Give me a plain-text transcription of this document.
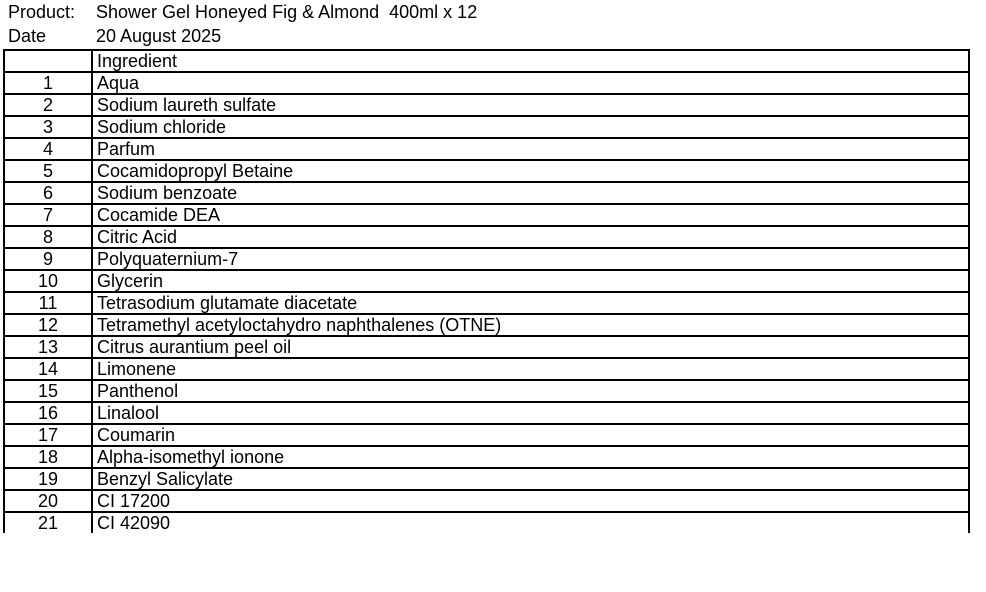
Product:	Shower Gel Honeyed Fig & Almond  400ml x 12
Date	20 August 2025
	Ingredient
1	Aqua
2	Sodium laureth sulfate
3	Sodium chloride
4	Parfum
5	Cocamidopropyl Betaine
6	Sodium benzoate
7	Cocamide DEA
8	Citric Acid
9	Polyquaternium-7
10	Glycerin
11	Tetrasodium glutamate diacetate
12	Tetramethyl acetyloctahydro naphthalenes (OTNE)
13	Citrus aurantium peel oil
14	Limonene
15	Panthenol
16	Linalool
17	Coumarin
18	Alpha-isomethyl ionone
19	Benzyl Salicylate
20	CI 17200
21	CI 42090
